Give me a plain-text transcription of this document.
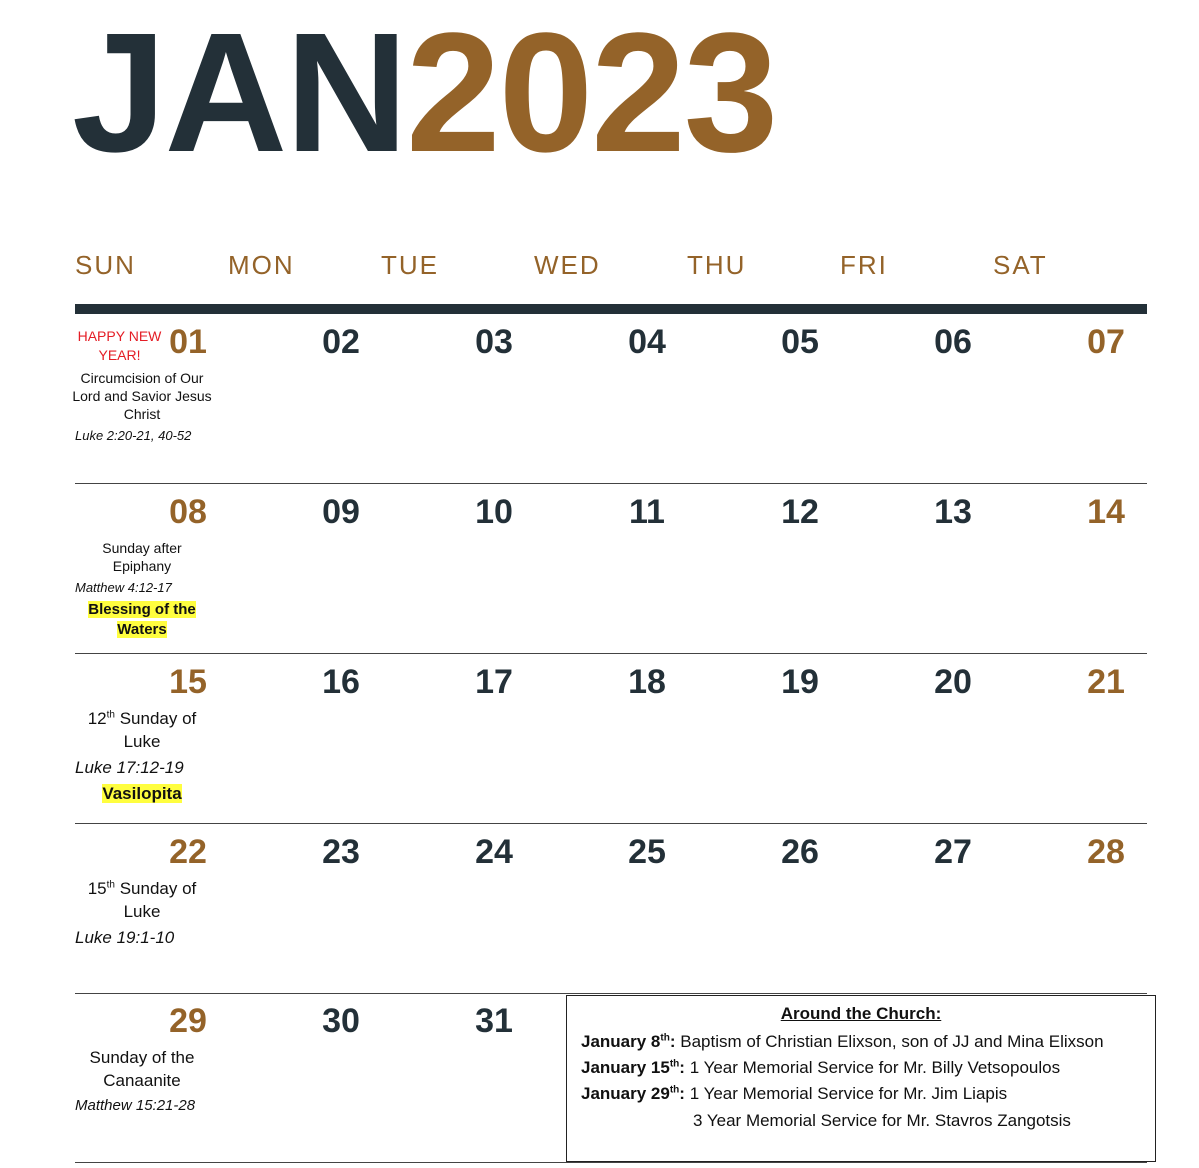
JAN2023
SUN	MON	TUE	WED	THU	FRI	SAT
01	02	03	04	05	06	07
HAPPY NEW YEAR!
Circumcision of Our Lord and Savior Jesus Christ
Luke 2:20-21, 40-52
08	09	10	11	12	13	14
Sunday after Epiphany
Matthew 4:12-17
Blessing of the Waters
15	16	17	18	19	20	21
12th Sunday of Luke
Luke 17:12-19
Vasilopita
22	23	24	25	26	27	28
15th Sunday of Luke
Luke 19:1-10
29	30	31
Sunday of the Canaanite
Matthew 15:21-28
Around the Church:
January 8th: Baptism of Christian Elixson, son of JJ and Mina Elixson
January 15th: 1 Year Memorial Service for Mr. Billy Vetsopoulos
January 29th: 1 Year Memorial Service for Mr. Jim Liapis
3 Year Memorial Service for Mr. Stavros Zangotsis
